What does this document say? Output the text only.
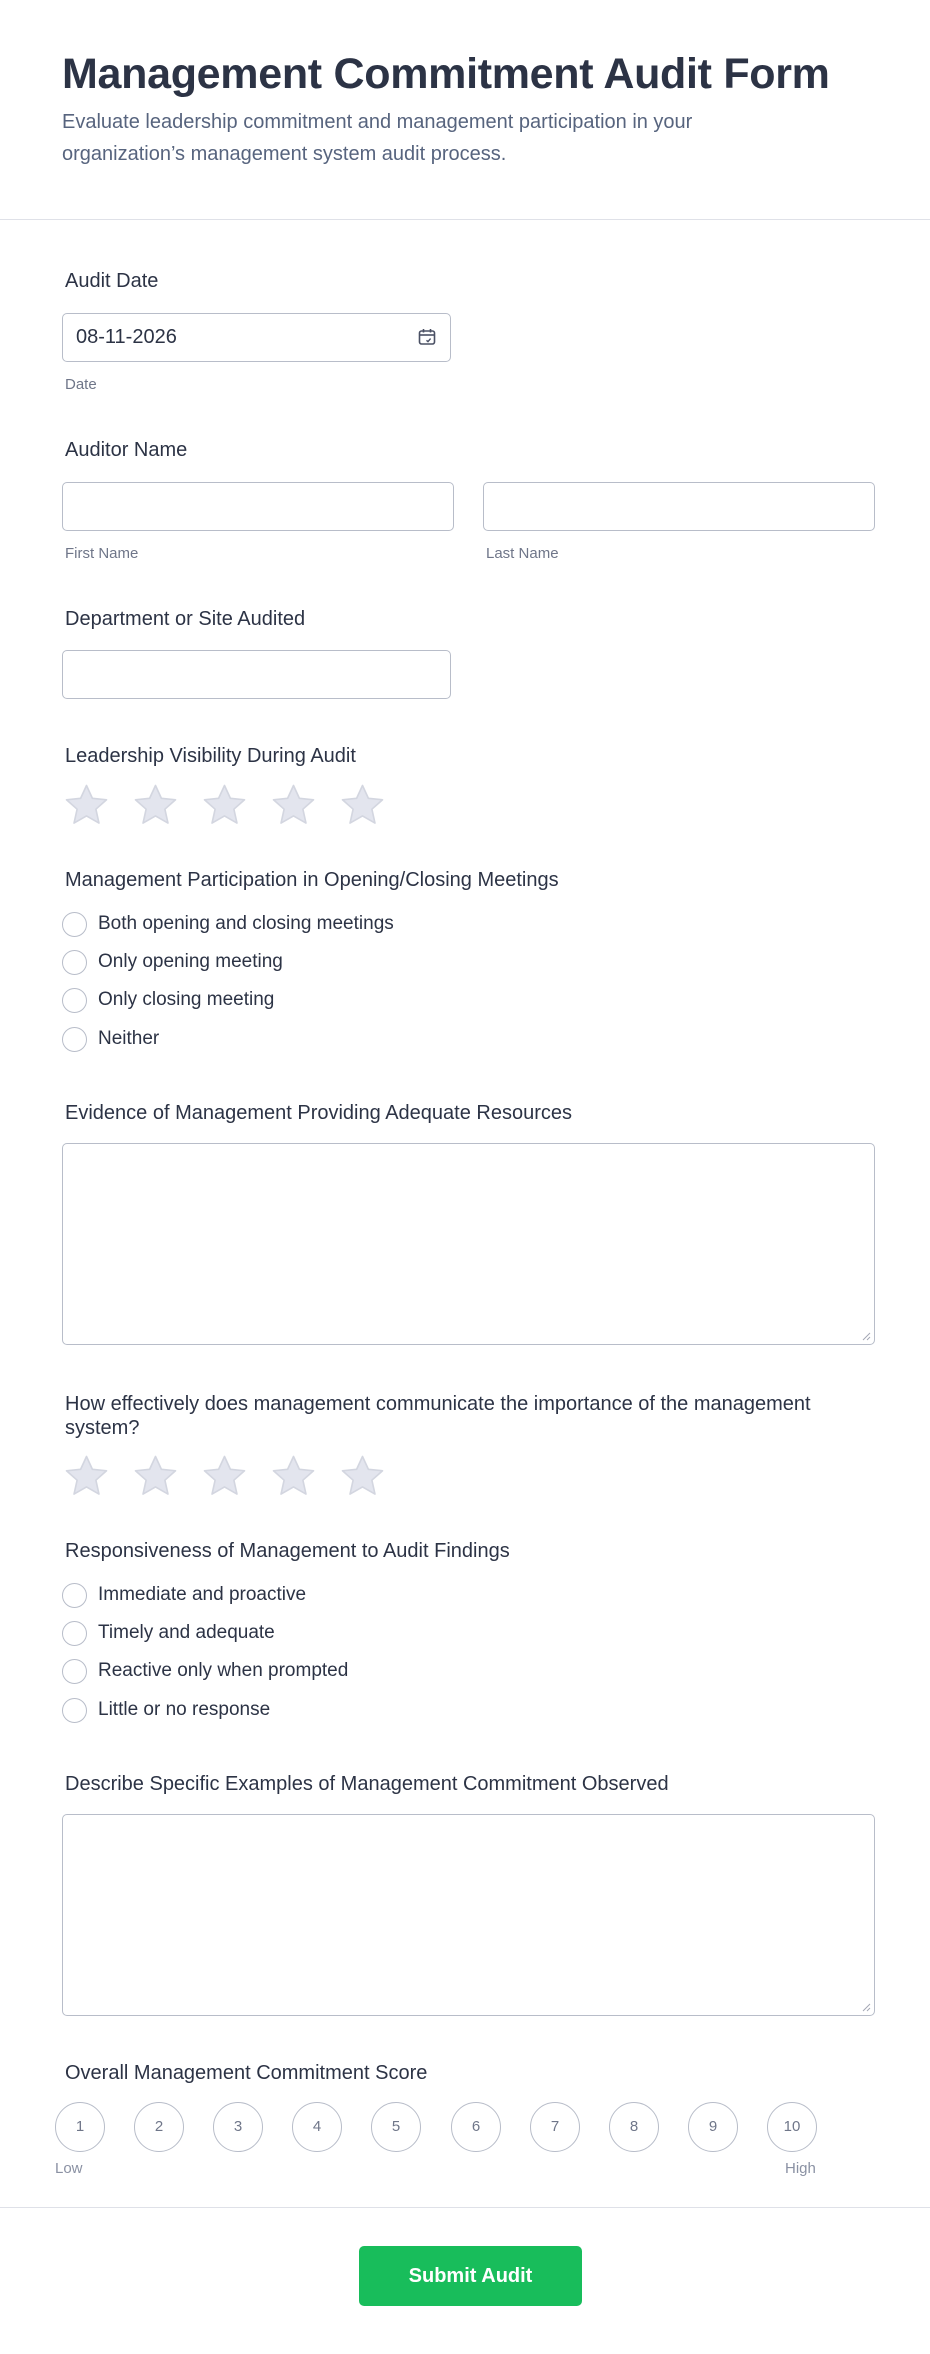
Management Commitment Audit Form
Evaluate leadership commitment and management participation in your organization’s management system audit process.
Audit Date
08-11-2026
Date
Auditor Name
First Name	Last Name
Department or Site Audited
Leadership Visibility During Audit
Management Participation in Opening/Closing Meetings
Both opening and closing meetings
Only opening meeting
Only closing meeting
Neither
Evidence of Management Providing Adequate Resources
How effectively does management communicate the importance of the management system?
Responsiveness of Management to Audit Findings
Immediate and proactive
Timely and adequate
Reactive only when prompted
Little or no response
Describe Specific Examples of Management Commitment Observed
Overall Management Commitment Score
1	2	3	4	5	6	7	8	9	10
Low	High
Submit Audit
